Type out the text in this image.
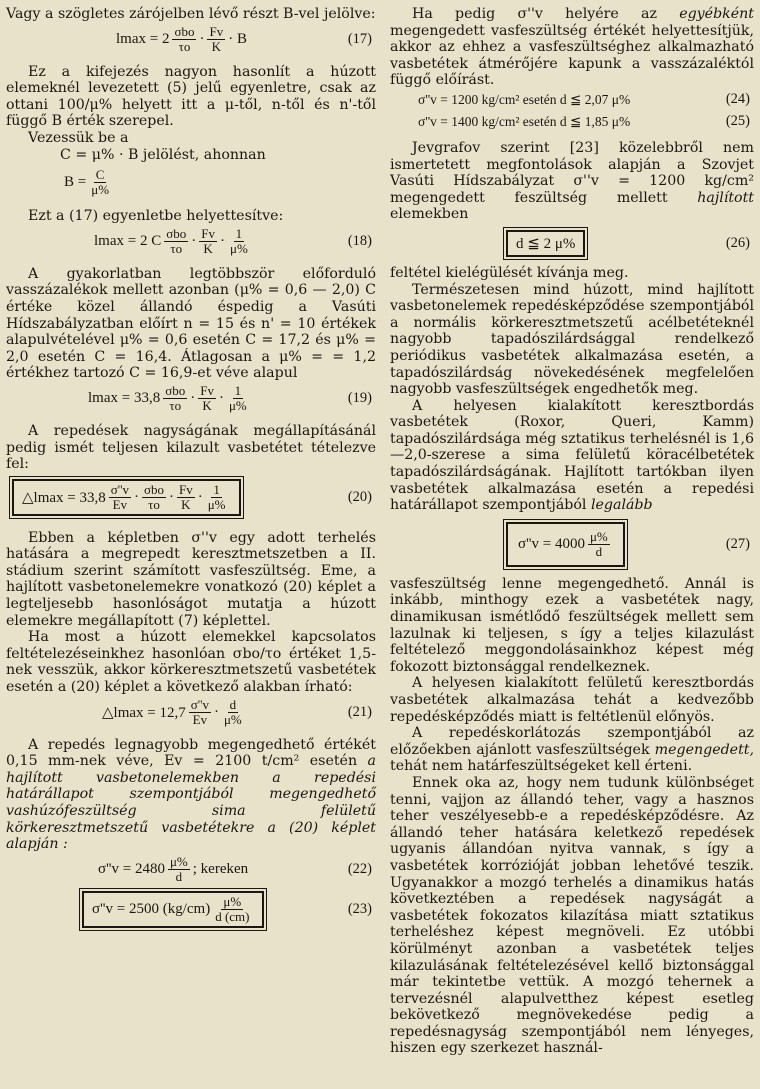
Vagy a szögletes zárójelben lévő részt B-vel jelölve:

$lmax = 2 \frac{\text{σbo}}{\tau o} \cdot \frac{Fv}{K} \cdot B$	(17)

Ez a kifejezés nagyon hasonlít a húzott elemeknél levezetett (5) jelű egyenletre, csak az ottani 100/μ% helyett itt a μ-től, n-től és n'-től függő B érték szerepel.

Vezessük be a

C = μ% · B jelölést, ahonnan

$B = \frac{C}{\mu\%}$

Ezt a (17) egyenletbe helyettesítve:

lmax = 2 C $\frac{\text{σbo}}{\tau o} \cdot \frac{Fv}{K} \cdot \frac{1}{\mu\%}$	(18)

A gyakorlatban legtöbbször előforduló vasszázalékok mellett azonban (μ% = 0,6 — 2,0) C értéke közel állandó éspedig a Vasúti Hídszabályzatban előírt n = 15 és n' = 10 értékek alapulvételével μ% = 0,6 esetén C = 17,2 és μ% = 2,0 esetén C = 16,4. Átlagosan a μ% = = 1,2 értékhez tartozó C = 16,9-et véve alapul

$lmax = 33,8 \frac{\text{σbo}}{\tau o} \cdot \frac{Fv}{K} \cdot \frac{1}{\mu\%}$	(19)

A repedések nagyságának megállapításánál pedig ismét teljesen kilazult vasbetétet tételezve fel:

△lmax = $33,8 \frac{\sigma''v}{Ev} \cdot \frac{\text{σbo}}{\tau o} \cdot \frac{Fv}{K} \cdot \frac{1}{\mu\%}$	(20)

Ebben a képletben σ''v egy adott terhelés hatására a megrepedt keresztmetszetben a II. stádium szerint számított vasfeszültség. Eme, a hajlított vasbetonelemekre vonatkozó (20) képlet a legteljesebb hasonlóságot mutatja a húzott elemekre megállapított (7) képlettel.

Ha most a húzott elemekkel kapcsolatos feltételezéseinkhez hasonlóan σbo/τo értéket 1,5-nek vesszük, akkor körkeresztmetszetű vasbetétek esetén a (20) képlet a következő alakban írható:

△lmax = $12,7 \frac{\sigma''v}{Ev} \cdot \frac{d}{\mu\%}$	(21)

A repedés legnagyobb megengedhető értékét 0,15 mm-nek véve, Ev = 2100 t/cm² esetén a hajlított vasbetonelemekben a repedési határállapot szempontjából megengedhető vashúzófeszültség sima felületű körkeresztmetszetű vasbetétekre a (20) képlet alapján :

$\sigma''v = 2480 \frac{\mu\%}{d}$ ; kereken	(22)
σ''v = 2500 $(kg/cm) \frac{\mu\%}{d (cm)}$	(23)

Ha pedig σ''v helyére az egyébként megengedett vasfeszültség értékét helyettesítjük, akkor az ehhez a vasfeszültséghez alkalmazható vasbetétek átmérőjére kapunk a vasszázaléktól függő előírást.

σ''v = 1200 kg/cm² esetén d ≦ 2,07 μ%	(24)
σ''v = 1400 kg/cm² esetén d ≦ 1,85 μ%	(25)

Jevgrafov szerint [23] közelebbről nem ismertetett megfontolások alapján a Szovjet Vasúti Hídszabályzat σ''v = 1200 kg/cm² megengedett feszültség mellett hajlított elemekben

d ≦ 2 μ%	(26)

feltétel kielégülését kívánja meg.

Természetesen mind húzott, mind hajlított vasbetonelemek repedésképződése szempontjából a normális körkeresztmetszetű acélbetéteknél nagyobb tapadószilárdsággal rendelkező periódikus vasbetétek alkalmazása esetén, a tapadószilárdság növekedésének megfelelően nagyobb vasfeszültségek engedhetők meg.

A helyesen kialakított keresztbordás vasbetétek (Roxor, Queri, Kamm) tapadószilárdsága még sztatikus terhelésnél is 1,6—2,0-szerese a sima felületű köracélbetétek tapadószilárdságának. Hajlított tartókban ilyen vasbetétek alkalmazása esetén a repedési határállapot szempontjából legalább

$\sigma''v = 4000 \frac{\mu\%}{d}$	(27)

vasfeszültség lenne megengedhető. Annál is inkább, minthogy ezek a vasbetétek nagy, dinamikusan ismétlődő feszültségek mellett sem lazulnak ki teljesen, s így a teljes kilazulást feltételező meggondolásainkhoz képest még fokozott biztonsággal rendelkeznek.

A helyesen kialakított felületű keresztbordás vasbetétek alkalmazása tehát a kedvezőbb repedésképződés miatt is feltétlenül előnyös.

A repedéskorlátozás szempontjából az előzőekben ajánlott vasfeszültségek megengedett, tehát nem határfeszültségeket kell érteni.

Ennek oka az, hogy nem tudunk különbséget tenni, vajjon az állandó teher, vagy a hasznos teher veszélyesebb-e a repedésképződésre. Az állandó teher hatására keletkező repedések ugyanis állandóan nyitva vannak, s így a vasbetétek korrózióját jobban lehetővé teszik. Ugyanakkor a mozgó terhelés a dinamikus hatás következtében a repedések nagyságát a vasbetétek fokozatos kilazítása miatt sztatikus terheléshez képest megnöveli. Ez utóbbi körülményt azonban a vasbetétek teljes kilazulásának feltételezésével kellő biztonsággal már tekintetbe vettük. A mozgó tehernek a tervezésnél alapulvetthez képest esetleg bekövetkező megnövekedése pedig a repedésnagyság szempontjából nem lényeges, hiszen egy szerkezet használ-
